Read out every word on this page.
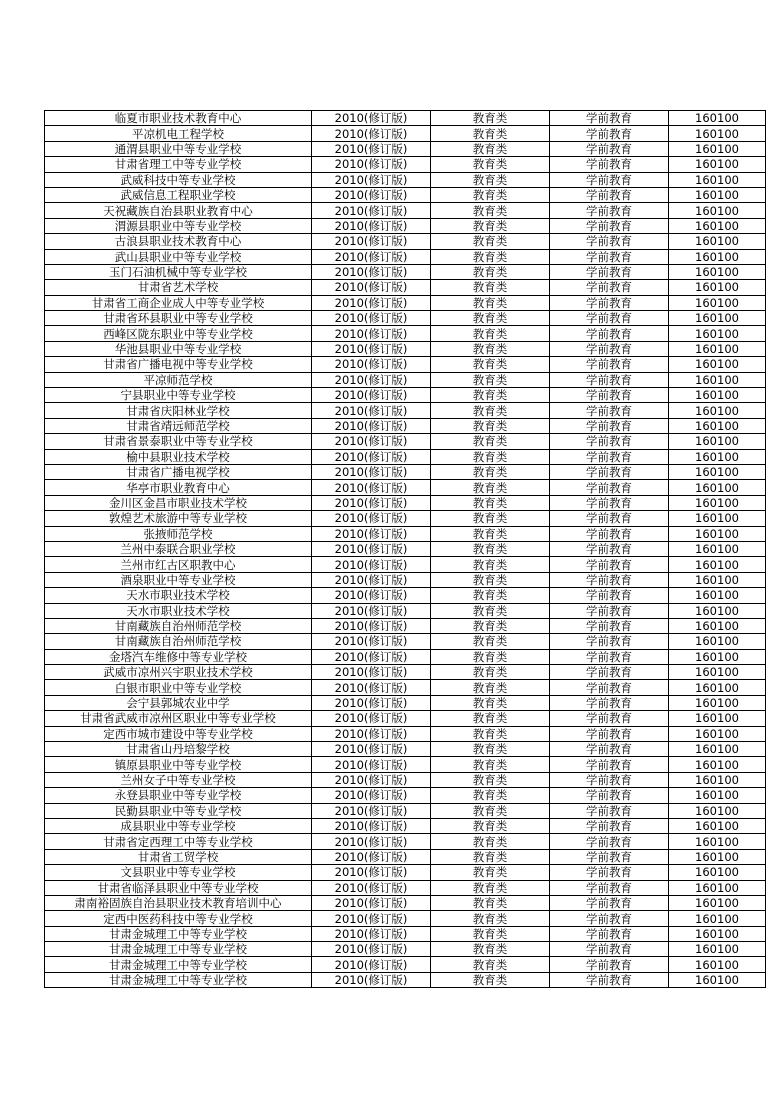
临夏市职业技术教育中心	2010(修订版)	教育类	学前教育	160100
平凉机电工程学校	2010(修订版)	教育类	学前教育	160100
通渭县职业中等专业学校	2010(修订版)	教育类	学前教育	160100
甘肃省理工中等专业学校	2010(修订版)	教育类	学前教育	160100
武威科技中等专业学校	2010(修订版)	教育类	学前教育	160100
武威信息工程职业学校	2010(修订版)	教育类	学前教育	160100
天祝藏族自治县职业教育中心	2010(修订版)	教育类	学前教育	160100
渭源县职业中等专业学校	2010(修订版)	教育类	学前教育	160100
古浪县职业技术教育中心	2010(修订版)	教育类	学前教育	160100
武山县职业中等专业学校	2010(修订版)	教育类	学前教育	160100
玉门石油机械中等专业学校	2010(修订版)	教育类	学前教育	160100
甘肃省艺术学校	2010(修订版)	教育类	学前教育	160100
甘肃省工商企业成人中等专业学校	2010(修订版)	教育类	学前教育	160100
甘肃省环县职业中等专业学校	2010(修订版)	教育类	学前教育	160100
西峰区陇东职业中等专业学校	2010(修订版)	教育类	学前教育	160100
华池县职业中等专业学校	2010(修订版)	教育类	学前教育	160100
甘肃省广播电视中等专业学校	2010(修订版)	教育类	学前教育	160100
平凉师范学校	2010(修订版)	教育类	学前教育	160100
宁县职业中等专业学校	2010(修订版)	教育类	学前教育	160100
甘肃省庆阳林业学校	2010(修订版)	教育类	学前教育	160100
甘肃省靖远师范学校	2010(修订版)	教育类	学前教育	160100
甘肃省景泰职业中等专业学校	2010(修订版)	教育类	学前教育	160100
榆中县职业技术学校	2010(修订版)	教育类	学前教育	160100
甘肃省广播电视学校	2010(修订版)	教育类	学前教育	160100
华亭市职业教育中心	2010(修订版)	教育类	学前教育	160100
金川区金昌市职业技术学校	2010(修订版)	教育类	学前教育	160100
敦煌艺术旅游中等专业学校	2010(修订版)	教育类	学前教育	160100
张掖师范学校	2010(修订版)	教育类	学前教育	160100
兰州中泰联合职业学校	2010(修订版)	教育类	学前教育	160100
兰州市红古区职教中心	2010(修订版)	教育类	学前教育	160100
酒泉职业中等专业学校	2010(修订版)	教育类	学前教育	160100
天水市职业技术学校	2010(修订版)	教育类	学前教育	160100
天水市职业技术学校	2010(修订版)	教育类	学前教育	160100
甘南藏族自治州师范学校	2010(修订版)	教育类	学前教育	160100
甘南藏族自治州师范学校	2010(修订版)	教育类	学前教育	160100
金塔汽车维修中等专业学校	2010(修订版)	教育类	学前教育	160100
武威市凉州兴宇职业技术学校	2010(修订版)	教育类	学前教育	160100
白银市职业中等专业学校	2010(修订版)	教育类	学前教育	160100
会宁县郭城农业中学	2010(修订版)	教育类	学前教育	160100
甘肃省武威市凉州区职业中等专业学校	2010(修订版)	教育类	学前教育	160100
定西市城市建设中等专业学校	2010(修订版)	教育类	学前教育	160100
甘肃省山丹培黎学校	2010(修订版)	教育类	学前教育	160100
镇原县职业中等专业学校	2010(修订版)	教育类	学前教育	160100
兰州女子中等专业学校	2010(修订版)	教育类	学前教育	160100
永登县职业中等专业学校	2010(修订版)	教育类	学前教育	160100
民勤县职业中等专业学校	2010(修订版)	教育类	学前教育	160100
成县职业中等专业学校	2010(修订版)	教育类	学前教育	160100
甘肃省定西理工中等专业学校	2010(修订版)	教育类	学前教育	160100
甘肃省工贸学校	2010(修订版)	教育类	学前教育	160100
文县职业中等专业学校	2010(修订版)	教育类	学前教育	160100
甘肃省临泽县职业中等专业学校	2010(修订版)	教育类	学前教育	160100
肃南裕固族自治县职业技术教育培训中心	2010(修订版)	教育类	学前教育	160100
定西中医药科技中等专业学校	2010(修订版)	教育类	学前教育	160100
甘肃金城理工中等专业学校	2010(修订版)	教育类	学前教育	160100
甘肃金城理工中等专业学校	2010(修订版)	教育类	学前教育	160100
甘肃金城理工中等专业学校	2010(修订版)	教育类	学前教育	160100
甘肃金城理工中等专业学校	2010(修订版)	教育类	学前教育	160100
